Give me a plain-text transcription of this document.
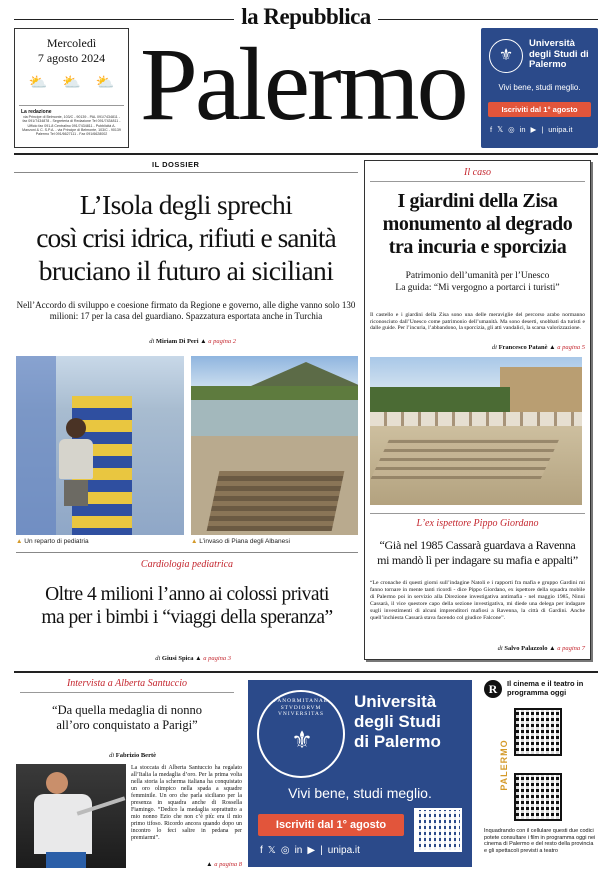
la Repubblica
Mercoledì
7 agosto 2024
⛅ ⛅ ⛅
La redazione
via Principe di Belmonte, 103/C - 90139 - PAL 091/7434811 - fax 091/7434878 - Segreteria di Redazione Tel 091/7434811 - Ufficio fax 091-8 Centralino 091/7434811 - Pubblicità A. Manzoni & C. S.P.A. - via Principe di Belmonte, 103/C - 90139 Palermo Tel 091/6627111 - Fax 091/6628002 Palermo	⚜
Università degli Studi di Palermo
Vivi bene, studi meglio.
Iscriviti dal 1° agosto
f 𝕏 ◎ in ▶ | unipa.it
IL DOSSIER
L’Isola degli sprechi
così crisi idrica, rifiuti e sanità
bruciano il futuro ai siciliani
Nell’Accordo di sviluppo e coesione firmato da Regione e governo, alle dighe vanno solo 130 milioni: 17 per la casa del guardiano. Spazzatura esportata anche in Turchia
di Miriam Di Peri ▲ a pagina 2
▲ Un reparto di pediatria	▲ L’invaso di Piana degli Albanesi
Il caso
I giardini della Zisa
monumento al degrado
tra incuria e sporcizia
Patrimonio dell’umanità per l’Unesco
La guida: “Mi vergogno a portarci i turisti”
Il castello e i giardini della Zisa sono una delle meraviglie del percorso arabo normanno riconosciuto dall’Unesco come patrimonio dell’umanità. Ma sono deserti, snobbati da turisti e dalle guide. Per l’incuria, l’abbandono, la sporcizia, gli atti vandalici, la scarsa valorizzazione.
di Francesco Patanè ▲ a pagina 5
L’ex ispettore Pippo Giordano
“Già nel 1985 Cassarà guardava a Ravenna
mi mandò lì per indagare su mafia e appalti”
“Le cronache di questi giorni sull’indagine Natoli e i rapporti fra mafia e gruppo Gardini mi fanno tornare in mente tanti ricordi - dice Pippo Giordano, ex ispettore della squadra mobile di Palermo poi in servizio alla Direzione investigativa antimafia - nel maggio 1985, Ninni Cassarà, il vice questore capo della sezione investigativa, mi diede una delega per indagare sugli investimenti di alcuni imprenditori mafiosi a Ravenna, la città di Gardini. Anche quell’inchiesta Cassarà stava facendo col giudice Falcone”.
di Salvo Palazzolo ▲ a pagina 7
Cardiologia pediatrica
Oltre 4 milioni l’anno ai colossi privati
ma per i bimbi i “viaggi della speranza”
di Giusi Spica ▲ a pagina 3
Intervista a Alberta Santuccio
“Da quella medaglia di nonno
all’oro conquistato a Parigi”
di Fabrizio Bertè
La stoccata di Alberta Santuccio ha regalato all’Italia la medaglia d’oro. Per la prima volta nella storia la scherma italiana ha conquistato un oro olimpico nella spada a squadre femminile. Un oro che parla siciliano per la presenza in squadra anche di Rossella Fiamingo. “Dedico la medaglia soprattutto a mio nonno Ezio che non c’è più: era il mio primo tifoso. Ricordo ancora quando dopo un incontro lo feci salire in pedana per premiarmi”.
▲ a pagina 8
PANORMITANAE STVDIORVM VNIVERSITAS
⚜
Università
degli Studi
di Palermo
Vivi bene, studi meglio.
Iscriviti dal 1° agosto
f 𝕏 ◎ in ▶ | unipa.it
R	Il cinema e il teatro in programma oggi
PALERMO
Inquadrando con il cellulare questi due codici potete consultare i film in programma oggi nei cinema di Palermo e del resto della provincia e gli spettacoli previsti a teatro
